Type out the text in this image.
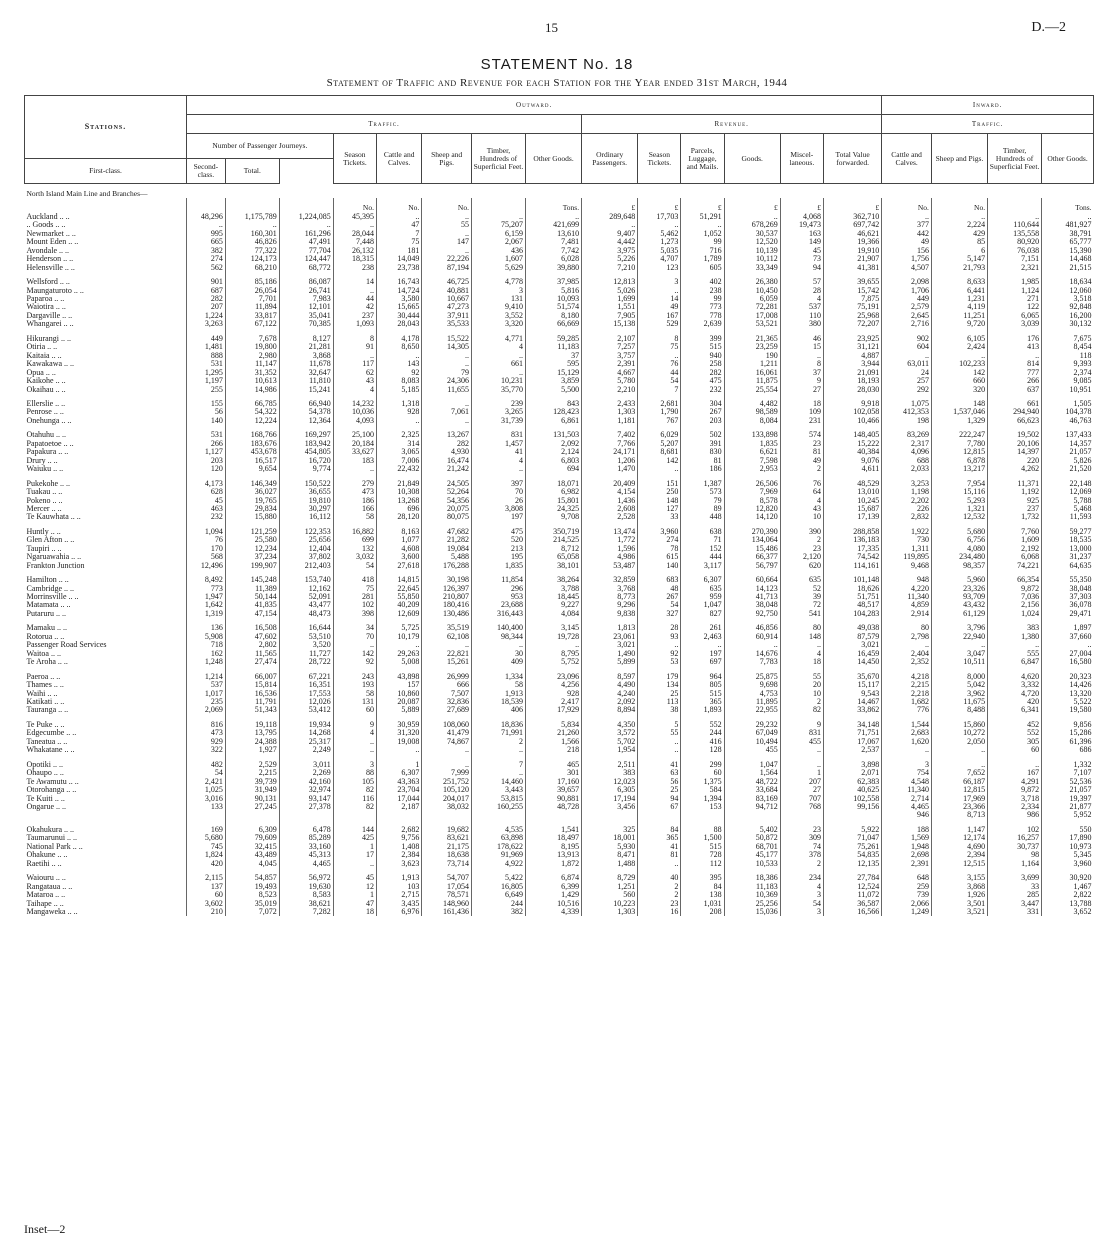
15	D.—2
STATEMENT No. 18
Statement of Traffic and Revenue for each Station for the Year ended 31st March, 1944
Stations.	Outward.														Inward.			
	Traffic.								Revenue.						Traffic.			
	Number of Passenger Journeys.			Season Tickets.	Cattle and Calves.	Sheep and Pigs.	Timber, Hundreds of Superficial Feet.	Other Goods.	Ordinary Passengers.	Season Tickets.	Parcels, Luggage, and Mails.	Goods.	Miscel-laneous.	Total Value forwarded.	Cattle and Calves.	Sheep and Pigs.	Timber, Hundreds of Superficial Feet.	Other Goods.
First-class.	Second-class.	Total.																
North Island Main Line and Branches—																		
				No.	No.	No.		Tons.	£	£	£	£	£	£	No.	No.		Tons.
Auckland .. ..	48,296	1,175,789	1,224,085	45,395	..	..	..	..	289,648	17,703	51,291	..	4,068	362,710	..	..	..	..
.. Goods .. ..	..	..	..	..	47	55	75,207	421,699	..	..	..	678,269	19,473	697,742	377	2,224	110,644	481,927
Newmarket .. ..	995	160,301	161,296	28,044	7	..	6,159	13,610	9,407	5,462	1,052	30,537	163	46,621	442	429	135,558	38,791
Mount Eden .. ..	665	46,826	47,491	7,448	75	147	2,067	7,481	4,442	1,273	99	12,520	149	19,366	49	85	80,920	65,777
Avondale .. ..	382	77,322	77,704	26,132	181	..	436	7,742	3,975	5,035	716	10,139	45	19,910	156	6	76,038	15,390
Henderson .. ..	274	124,173	124,447	18,315	14,049	22,226	1,607	6,028	5,226	4,707	1,789	10,112	73	21,907	1,756	5,147	7,151	14,468
Helensville .. ..	562	68,210	68,772	238	23,738	87,194	5,629	39,880	7,210	123	605	33,349	94	41,381	4,507	21,793	2,321	21,515

Wellsford .. ..	901	85,186	86,087	14	16,743	46,725	4,778	37,985	12,813	3	402	26,380	57	39,655	2,098	8,633	1,985	18,634
Maungaturoto .. ..	687	26,054	26,741	..	14,724	40,881	3	5,816	5,026	..	238	10,450	28	15,742	1,706	6,441	1,124	12,060
Paparoa .. ..	282	7,701	7,983	44	3,580	10,667	131	10,093	1,699	14	99	6,059	4	7,875	449	1,231	271	3,518
Waiotira .. ..	207	11,894	12,101	42	15,665	47,273	9,410	51,574	1,551	49	773	72,281	537	75,191	2,579	4,119	122	92,848
Dargaville .. ..	1,224	33,817	35,041	237	30,444	37,911	3,552	8,180	7,905	167	778	17,008	110	25,968	2,645	11,251	6,065	16,200
Whangarei .. ..	3,263	67,122	70,385	1,093	28,043	35,533	3,320	66,669	15,138	529	2,639	53,521	380	72,207	2,716	9,720	3,039	30,132

Hikurangi .. ..	449	7,678	8,127	8	4,178	15,522	4,771	59,285	2,107	8	399	21,365	46	23,925	902	6,105	176	7,675
Otiria .. ..	1,481	19,800	21,281	91	8,650	14,305	4	11,183	7,257	75	515	23,259	15	31,121	604	2,424	413	8,454
Kaitaia .. ..	888	2,980	3,868	..	..	..	..	37	3,757	..	940	190	..	4,887	..	..	..	118
Kawakawa .. ..	531	11,147	11,678	117	143	..	661	595	2,391	76	258	1,211	8	3,944	63,011	102,233	814	9,393
Opua .. ..	1,295	31,352	32,647	62	92	79	..	15,129	4,667	44	282	16,061	37	21,091	24	142	777	2,374
Kaikohe .. ..	1,197	10,613	11,810	43	8,083	24,306	10,231	3,859	5,780	54	475	11,875	9	18,193	257	660	266	9,085
Okaihau .. ..	255	14,986	15,241	4	5,185	11,655	35,770	5,500	2,210	7	232	25,554	27	28,030	292	320	637	10,951

Ellerslie .. ..	155	66,785	66,940	14,232	1,318	..	239	843	2,433	2,681	304	4,482	18	9,918	1,075	148	661	1,505
Penrose .. ..	56	54,322	54,378	10,036	928	7,061	3,265	128,423	1,303	1,790	267	98,589	109	102,058	412,353	1,537,046	294,940	104,378
Onehunga .. ..	140	12,224	12,364	4,093	..	..	31,739	6,861	1,181	767	203	8,084	231	10,466	198	1,329	66,623	46,763

Otahuhu .. ..	531	168,766	169,297	25,100	2,325	13,267	831	131,503	7,402	6,029	502	133,898	574	148,405	83,269	222,247	19,502	137,433
Papatoetoe .. ..	266	183,676	183,942	20,184	314	282	1,457	2,092	7,766	5,207	391	1,835	23	15,222	2,317	7,780	20,106	14,357
Papakura .. ..	1,127	453,678	454,805	33,627	3,065	4,930	41	2,124	24,171	8,681	830	6,621	81	40,384	4,096	12,815	14,397	21,057
Drury .. ..	203	16,517	16,720	183	7,006	16,474	4	6,803	1,206	142	81	7,598	49	9,076	688	6,878	220	5,826
Waiuku .. ..	120	9,654	9,774	..	22,432	21,242	..	694	1,470	..	186	2,953	2	4,611	2,033	13,217	4,262	21,520

Pukekohe .. ..	4,173	146,349	150,522	279	21,849	24,505	397	18,071	20,409	151	1,387	26,506	76	48,529	3,253	7,954	11,371	22,148
Tuakau .. ..	628	36,027	36,655	473	10,308	52,264	70	6,982	4,154	250	573	7,969	64	13,010	1,198	15,116	1,192	12,069
Pokeno .. ..	45	19,765	19,810	186	13,268	54,356	26	15,801	1,436	148	79	8,578	4	10,245	2,202	5,293	925	5,788
Mercer .. ..	463	29,834	30,297	166	696	20,075	3,808	24,325	2,608	127	89	12,820	43	15,687	226	1,321	237	5,468
Te Kauwhata .. ..	232	15,880	16,112	58	28,120	80,075	197	9,708	2,528	33	448	14,120	10	17,139	2,832	12,532	1,732	11,593

Huntly .. ..	1,094	121,259	122,353	16,882	8,163	47,682	475	350,719	13,474	3,960	638	270,390	390	288,858	1,922	5,680	7,760	59,277
Glen Afton .. ..	76	25,580	25,656	699	1,077	21,282	520	214,525	1,772	274	71	134,064	2	136,183	730	6,756	1,609	18,535
Taupiri .. ..	170	12,234	12,404	132	4,608	19,084	213	8,712	1,596	78	152	15,486	23	17,335	1,311	4,080	2,192	13,000
Ngaruawahia .. ..	568	37,234	37,802	3,032	3,600	5,488	195	65,058	4,986	615	444	66,377	2,120	74,542	119,895	234,480	6,068	31,237
Frankton Junction	12,496	199,907	212,403	54	27,618	176,288	1,835	38,101	53,487	140	3,117	56,797	620	114,161	9,468	98,357	74,221	64,635

Hamilton .. ..	8,492	145,248	153,740	418	14,815	30,198	11,854	38,264	32,859	683	6,307	60,664	635	101,148	948	5,960	66,354	55,350
Cambridge .. ..	773	11,389	12,162	75	22,645	126,397	296	3,788	3,768	48	635	14,123	52	18,626	4,220	23,326	9,872	38,048
Morrinsville .. ..	1,947	50,144	52,091	281	55,850	210,807	953	18,445	8,773	267	959	41,713	39	51,751	11,340	93,709	7,036	37,303
Matamata .. ..	1,642	41,835	43,477	102	40,209	180,416	23,688	9,227	9,296	54	1,047	38,048	72	48,517	4,859	43,432	2,156	36,078
Putaruru .. ..	1,319	47,154	48,473	398	12,609	130,486	316,443	4,084	9,838	327	827	92,750	541	104,283	2,914	61,129	1,024	29,471

Mamaku .. ..	136	16,508	16,644	34	5,725	35,519	140,400	3,145	1,813	28	261	46,856	80	49,038	80	3,796	383	1,897
Rotorua .. ..	5,908	47,602	53,510	70	10,179	62,108	98,344	19,728	23,061	93	2,463	60,914	148	87,579	2,798	22,940	1,380	37,660
Passenger Road Services	718	2,802	3,520	..	..	..	..	..	3,021	..	..	..	..	3,021	..	..	..	..
Waitoa .. ..	162	11,565	11,727	142	29,263	22,821	30	8,795	1,490	92	197	14,676	4	16,459	2,404	3,047	555	27,004
Te Aroha .. ..	1,248	27,474	28,722	92	5,008	15,261	409	5,752	5,899	53	697	7,783	18	14,450	2,352	10,511	6,847	16,580

Paeroa .. ..	1,214	66,007	67,221	243	43,898	26,999	1,334	23,096	8,597	179	964	25,875	55	35,670	4,218	8,000	4,620	20,323
Thames .. ..	537	15,814	16,351	193	157	666	58	4,256	4,490	134	805	9,698	20	15,117	2,215	5,042	3,332	14,426
Waihi .. ..	1,017	16,536	17,553	58	10,860	7,507	1,913	928	4,240	25	515	4,753	10	9,543	2,218	3,962	4,720	13,320
Katikati .. ..	235	11,791	12,026	131	20,087	32,836	18,539	2,417	2,092	113	365	11,895	2	14,467	1,682	11,675	420	5,522
Tauranga .. ..	2,069	51,343	53,412	60	5,889	27,689	406	17,929	8,894	38	1,893	22,955	82	33,862	776	8,488	6,341	19,580

Te Puke .. ..	816	19,118	19,934	9	30,959	108,060	18,836	5,834	4,350	5	552	29,232	9	34,148	1,544	15,860	452	9,856
Edgecumbe .. ..	473	13,795	14,268	4	31,320	41,479	71,991	21,260	3,572	55	244	67,049	831	71,751	2,683	10,272	552	15,286
Taneatua .. ..	929	24,388	25,317	..	19,008	74,867	2	1,566	5,702	..	416	10,494	455	17,067	1,620	2,050	305	61,396
Whakatane .. ..	322	1,927	2,249	..	..	..	..	218	1,954	..	128	455	..	2,537	..	..	60	686

Opotiki .. ..	482	2,529	3,011	3	1	..	7	465	2,511	41	299	1,047	..	3,898	3	..	..	1,332
Ohaupo .. ..	54	2,215	2,269	88	6,307	7,999	..	301	383	63	60	1,564	1	2,071	754	7,652	167	7,107
Te Awamutu .. ..	2,421	39,739	42,160	105	43,363	251,752	14,460	17,160	12,023	56	1,375	48,722	207	62,383	4,548	66,187	4,291	52,536
Otorohanga .. ..	1,025	31,949	32,974	82	23,704	105,120	3,443	39,657	6,305	25	584	33,684	27	40,625	11,340	12,815	9,872	21,057
Te Kuiti .. ..	3,016	90,131	93,147	116	17,044	204,017	53,815	90,881	17,194	94	1,394	83,169	707	102,558	2,714	17,969	3,718	19,397
Ongarue .. ..	133	27,245	27,378	82	2,187	38,032	160,255	48,728	3,456	67	153	94,712	768	99,156	4,465	23,366	2,334	21,877
															946	8,713	986	5,952

Okahukura .. ..	169	6,309	6,478	144	2,682	19,682	4,535	1,541	325	84	88	5,402	23	5,922	188	1,147	102	550
Taumarunui .. ..	5,680	79,609	85,289	425	9,756	83,621	63,898	18,497	18,001	365	1,500	50,872	309	71,047	1,569	12,174	16,257	17,890
National Park .. ..	745	32,415	33,160	1	1,408	21,175	178,622	8,195	5,930	41	515	68,701	74	75,261	1,948	4,690	30,737	10,973
Ohakune .. ..	1,824	43,489	45,313	17	2,384	18,638	91,969	13,913	8,471	81	728	45,177	378	54,835	2,698	2,394	98	5,345
Raetihi .. ..	420	4,045	4,465	..	3,623	73,714	4,922	1,872	1,488	..	112	10,533	2	12,135	2,391	12,515	1,164	3,960

Waiouru .. ..	2,115	54,857	56,972	45	1,913	54,707	5,422	6,874	8,729	40	395	18,386	234	27,784	648	3,155	3,699	30,920
Rangataua .. ..	137	19,493	19,630	12	103	17,054	16,805	6,399	1,251	2	84	11,183	4	12,524	259	3,868	33	1,467
Mataroa .. ..	60	8,523	8,583	1	2,715	78,571	6,649	1,429	560	2	138	10,369	3	11,072	739	1,926	285	2,822
Taihape .. ..	3,602	35,019	38,621	47	3,435	148,960	244	10,516	10,223	23	1,031	25,256	54	36,587	2,066	3,501	3,447	13,788
Mangaweka .. ..	210	7,072	7,282	18	6,976	161,436	382	4,339	1,303	16	208	15,036	3	16,566	1,249	3,521	331	3,652
Inset—2
